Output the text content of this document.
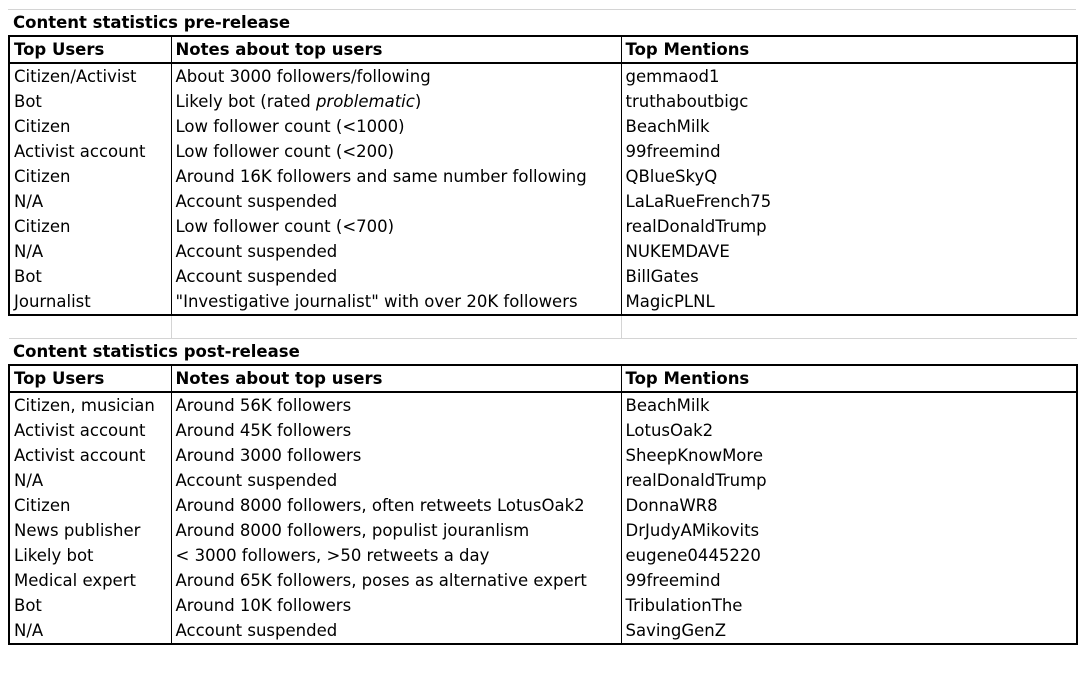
Content statistics pre-release		
Top Users	Notes about top users	Top Mentions
Citizen/Activist	About 3000 followers/following	gemmaod1
Bot	Likely bot (rated problematic)	truthaboutbigc
Citizen	Low follower count (<1000)	BeachMilk
Activist account	Low follower count (<200)	99freemind
Citizen	Around 16K followers and same number following	QBlueSkyQ
N/A	Account suspended	LaLaRueFrench75
Citizen	Low follower count (<700)	realDonaldTrump
N/A	Account suspended	NUKEMDAVE
Bot	Account suspended	BillGates
Journalist	"Investigative journalist" with over 20K followers	MagicPLNL

Content statistics post-release		
Top Users	Notes about top users	Top Mentions
Citizen, musician	Around 56K followers	BeachMilk
Activist account	Around 45K followers	LotusOak2
Activist account	Around 3000 followers	SheepKnowMore
N/A	Account suspended	realDonaldTrump
Citizen	Around 8000 followers, often retweets LotusOak2	DonnaWR8
News publisher	Around 8000 followers, populist jouranlism	DrJudyAMikovits
Likely bot	< 3000 followers, >50 retweets a day	eugene0445220
Medical expert	Around 65K followers, poses as alternative expert	99freemind
Bot	Around 10K followers	TribulationThe
N/A	Account suspended	SavingGenZ
